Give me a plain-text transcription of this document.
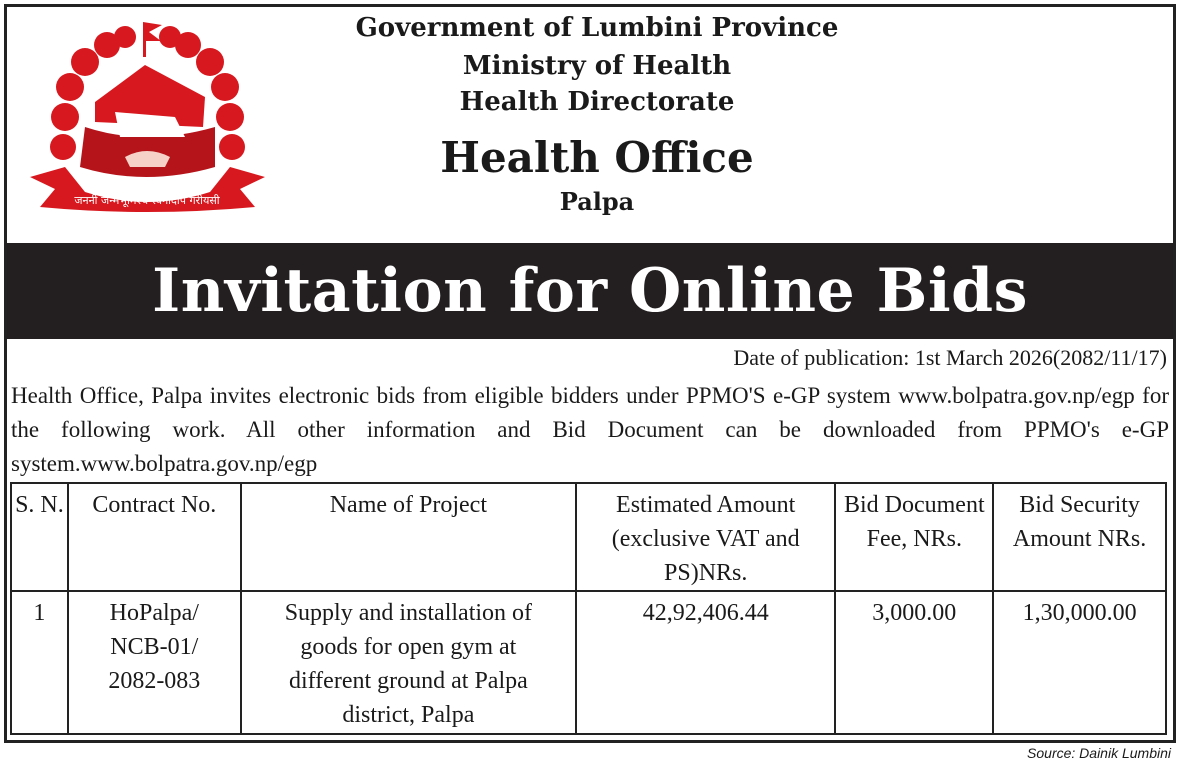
जननी जन्मभूमिश्च स्वर्गादपि गरीयसी
Government of Lumbini Province
Ministry of Health
Health Directorate
Health Office
Palpa
Invitation for Online Bids
Date of publication: 1st March 2026(2082/11/17)
Health Office, Palpa invites electronic bids from eligible bidders under PPMO'S e-GP system www.bolpatra.gov.np/egp for the following work. All other information and Bid Document can be downloaded from PPMO's e-GP system.www.bolpatra.gov.np/egp
S. N.	Contract No.	Name of Project	Estimated Amount (exclusive VAT and PS)NRs.	Bid Document Fee, NRs.	Bid Security Amount NRs.
1	HoPalpa/ NCB-01/ 2082-083	Supply and installation of goods for open gym at different ground at Palpa district, Palpa	42,92,406.44	3,000.00	1,30,000.00
Source: Dainik Lumbini
